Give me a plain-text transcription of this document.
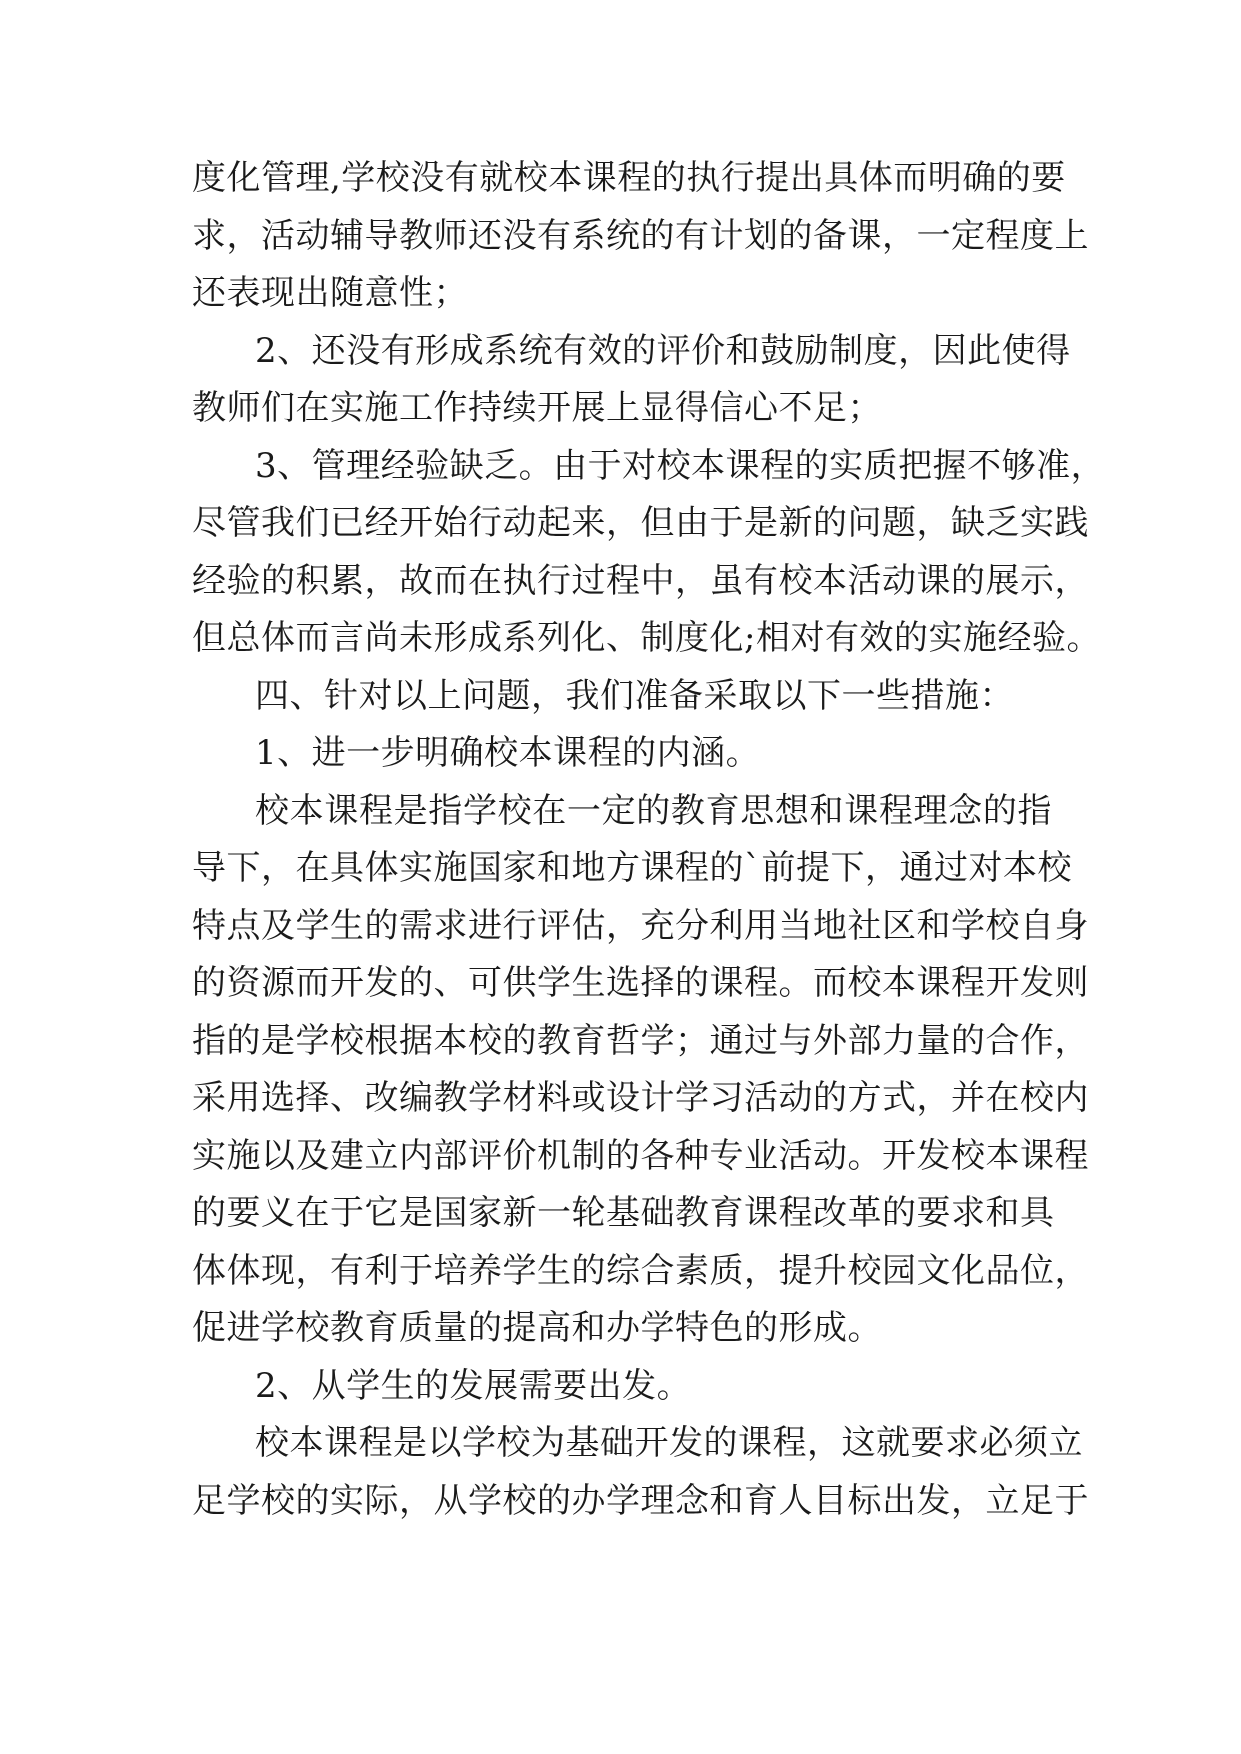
度化管理,学校没有就校本课程的执行提出具体而明确的要
求，活动辅导教师还没有系统的有计划的备课，一定程度上
还表现出随意性；
2、还没有形成系统有效的评价和鼓励制度，因此使得
教师们在实施工作持续开展上显得信心不足；
3、管理经验缺乏。由于对校本课程的实质把握不够准，
尽管我们已经开始行动起来，但由于是新的问题，缺乏实践
经验的积累，故而在执行过程中，虽有校本活动课的展示，
但总体而言尚未形成系列化、制度化;相对有效的实施经验。
四、针对以上问题，我们准备采取以下一些措施：
1、进一步明确校本课程的内涵。
校本课程是指学校在一定的教育思想和课程理念的指
导下，在具体实施国家和地方课程的`前提下，通过对本校
特点及学生的需求进行评估，充分利用当地社区和学校自身
的资源而开发的、可供学生选择的课程。而校本课程开发则
指的是学校根据本校的教育哲学；通过与外部力量的合作，
采用选择、改编教学材料或设计学习活动的方式，并在校内
实施以及建立内部评价机制的各种专业活动。开发校本课程
的要义在于它是国家新一轮基础教育课程改革的要求和具
体体现，有利于培养学生的综合素质，提升校园文化品位，
促进学校教育质量的提高和办学特色的形成。
2、从学生的发展需要出发。
校本课程是以学校为基础开发的课程，这就要求必须立
足学校的实际，从学校的办学理念和育人目标出发，立足于
